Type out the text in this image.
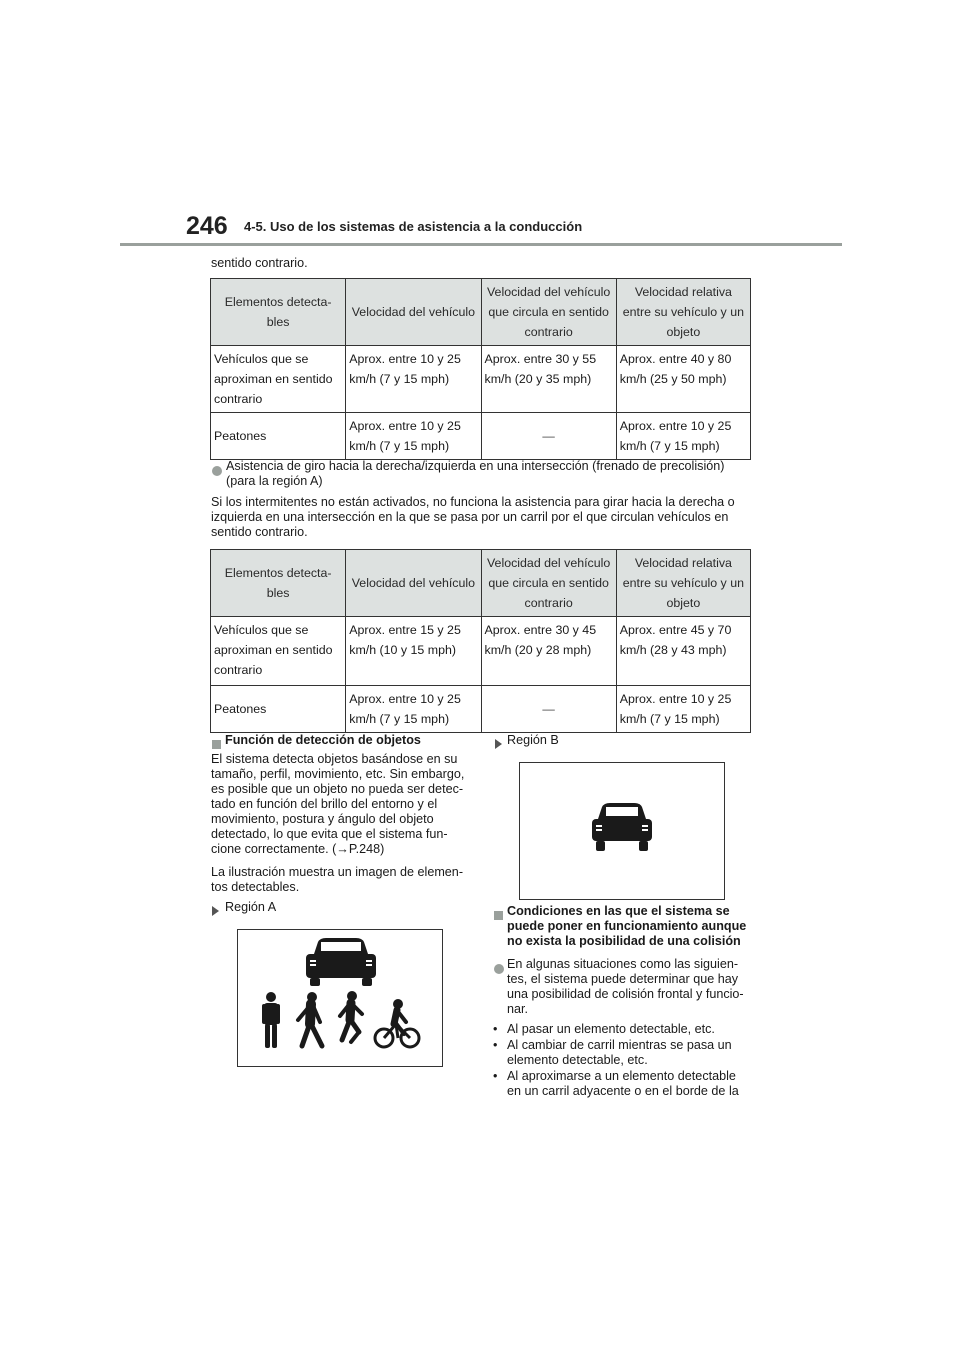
246 4-5. Uso de los sistemas de asistencia a la conducción
sentido contrario.
Elementos detecta-bles	Velocidad del vehículo	Velocidad del vehículo que circula en sentido contrario	Velocidad relativa entre su vehículo y un objeto
Vehículos que se aproximan en sentido contrario	Aprox. entre 10 y 25 km/h (7 y 15 mph)	Aprox. entre 30 y 55 km/h (20 y 35 mph)	Aprox. entre 40 y 80 km/h (25 y 50 mph)
Peatones	Aprox. entre 10 y 25 km/h (7 y 15 mph)	—	Aprox. entre 10 y 25 km/h (7 y 15 mph)
Asistencia de giro hacia la derecha/izquierda en una intersección (frenado de precolisión) (para la región A)
Si los intermitentes no están activados, no funciona la asistencia para girar hacia la derecha o izquierda en una intersección en la que se pasa por un carril por el que circulan vehículos en sentido contrario.
Elementos detecta-bles	Velocidad del vehículo	Velocidad del vehículo que circula en sentido contrario	Velocidad relativa entre su vehículo y un objeto
Vehículos que se aproximan en sentido contrario	Aprox. entre 15 y 25 km/h (10 y 15 mph)	Aprox. entre 30 y 45 km/h (20 y 28 mph)	Aprox. entre 45 y 70 km/h (28 y 43 mph)
Peatones	Aprox. entre 10 y 25 km/h (7 y 15 mph)	—	Aprox. entre 10 y 25 km/h (7 y 15 mph)
Función de detección de objetos
El sistema detecta objetos basándose en su tamaño, perfil, movimiento, etc. Sin embargo, es posible que un objeto no pueda ser detec-tado en función del brillo del entorno y el movimiento, postura y ángulo del objeto detectado, lo que evita que el sistema fun-cione correctamente. (→P.248)
La ilustración muestra un imagen de elemen-tos detectables.
Región A
Región B
Condiciones en las que el sistema se puede poner en funcionamiento aunque no exista la posibilidad de una colisión
En algunas situaciones como las siguien-tes, el sistema puede determinar que hay una posibilidad de colisión frontal y funcio-nar.
• Al pasar un elemento detectable, etc.
• Al cambiar de carril mientras se pasa un elemento detectable, etc.
• Al aproximarse a un elemento detectable en un carril adyacente o en el borde de la
